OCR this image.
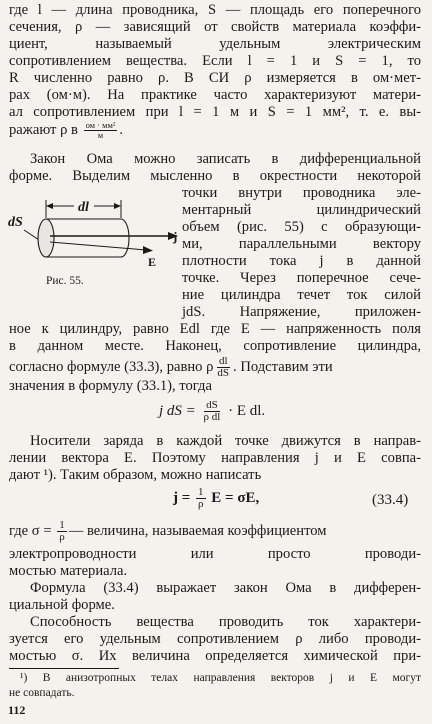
где l — длина проводника, S — площадь его поперечного
сечения, ρ — зависящий от свойств материала коэффи-
циент, называемый удельным электрическим
сопротивлением вещества. Если l = 1 и S = 1, то
R численно равно ρ. В СИ ρ измеряется в ом·мет-
рах (ом·м). На практике часто характеризуют матери-
ал сопротивлением при l = 1 м и S = 1 мм², т. е. вы-
ражают ρ в $\frac{\text{ом · мм²}}{м}$ .
Закон Ома можно записать в дифференциальной
форме. Выделим мысленно в окрестности некоторой
точки внутри проводника эле-
ментарный цилиндрический
объем (рис. 55) с образующи-
ми, параллельными вектору
плотности тока j в данной
точке. Через поперечное сече-
ние цилиндра течет ток силой
jdS. Напряжение, приложен-
dS
dl
j
E
Рис. 55.
ное к цилиндру, равно Edl где E — напряженность поля
в данном месте. Наконец, сопротивление цилиндра,
согласно формуле (33.3), равно ρ $\frac{dl}{dS}$ . Подставим эти
значения в формулу (33.1), тогда
j dS = $\frac{dS}{\text{ρ dl}} \cdot E$ dl.
Носители заряда в каждой точке движутся в направ-
лении вектора E. Поэтому направления j и E совпа-
дают ¹). Таким образом, можно написать
$j = \frac{1}{\rho}$ E = σE,	(33.4)
где $\sigma = \frac{1}{\rho}$ — величина, называемая коэффициентом
электропроводности или просто проводи-
мостью материала.
Формула (33.4) выражает закон Ома в дифферен-
циальной форме.
Способность вещества проводить ток характери-
зуется его удельным сопротивлением ρ либо проводи-
мостью σ. Их величина определяется химической при-
¹) В анизотропных телах направления векторов j и E могут
не совпадать.
112
